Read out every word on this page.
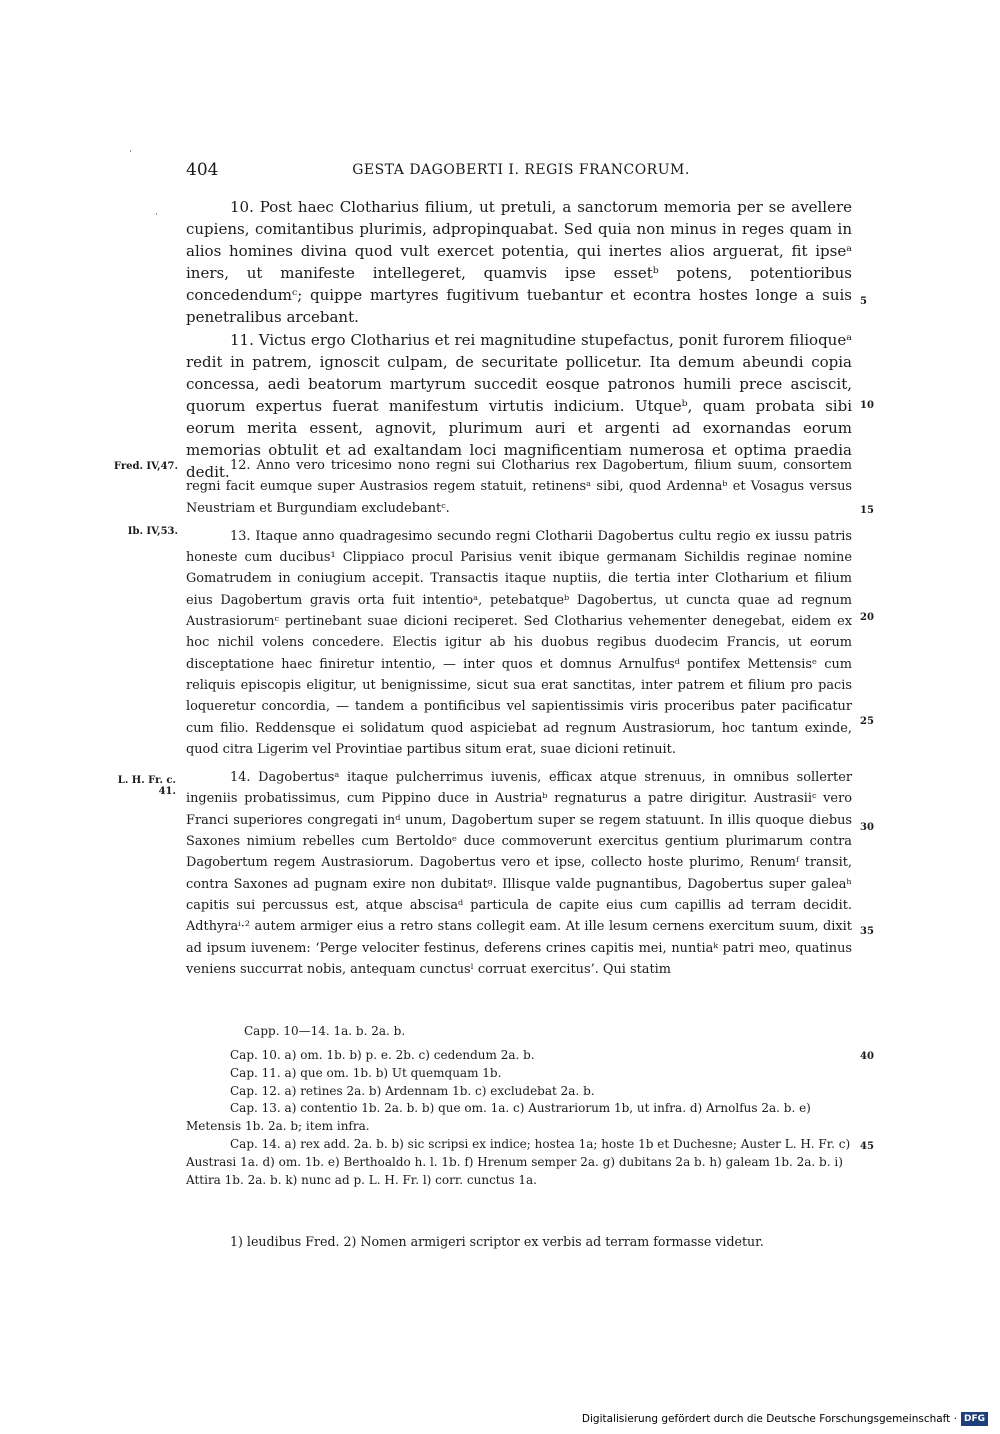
404	GESTA DAGOBERTI I. REGIS FRANCORUM.

10. Post haec Clotharius filium, ut pretuli, a sanctorum memoria per se avellere cupiens, comitantibus plurimis, adpropinquabat. Sed quia non minus in reges quam in alios homines divina quod vult exercet potentia, qui inertes alios arguerat, fit ipseᵃ iners, ut manifeste intellegeret, quamvis ipse essetᵇ potens, potentioribus concedendumᶜ; quippe martyres fugitivum tuebantur et econtra hostes longe a suis penetralibus arcebant.

11. Victus ergo Clotharius et rei magnitudine stupefactus, ponit furorem filioqueᵃ redit in patrem, ignoscit culpam, de securitate pollicetur. Ita demum abeundi copia concessa, aedi beatorum martyrum succedit eosque patronos humili prece asciscit, quorum expertus fuerat manifestum virtutis indicium. Utqueᵇ, quam probata sibi eorum merita essent, agnovit, plurimum auri et argenti ad exornandas eorum memorias obtulit et ad exaltandam loci magnificentiam numerosa et optima praedia dedit. 12. Anno vero tricesimo nono regni sui Clotharius rex Dagobertum, filium suum, consortem regni facit eumque super Austrasios regem statuit, retinensᵃ sibi, quod Ardennaᵇ et Vosagus versus Neustriam et Burgundiam excludebantᶜ.

13. Itaque anno quadragesimo secundo regni Clotharii Dagobertus cultu regio ex iussu patris honeste cum ducibus¹ Clippiaco procul Parisius venit ibique germanam Sichildis reginae nomine Gomatrudem in coniugium accepit. Transactis itaque nuptiis, die tertia inter Clotharium et filium eius Dagobertum gravis orta fuit intentioᵃ, petebatqueᵇ Dagobertus, ut cuncta quae ad regnum Austrasiorumᶜ pertinebant suae dicioni reciperet. Sed Clotharius vehementer denegebat, eidem ex hoc nichil volens concedere. Electis igitur ab his duobus regibus duodecim Francis, ut eorum disceptatione haec finiretur intentio, — inter quos et domnus Arnulfusᵈ pontifex Mettensisᵉ cum reliquis episcopis eligitur, ut benignissime, sicut sua erat sanctitas, inter patrem et filium pro pacis loqueretur concordia, — tandem a pontificibus vel sapientissimis viris proceribus pater pacificatur cum filio. Reddensque ei solidatum quod aspiciebat ad regnum Austrasiorum, hoc tantum exinde, quod citra Ligerim vel Provintiae partibus situm erat, suae dicioni retinuit.

14. Dagobertusᵃ itaque pulcherrimus iuvenis, efficax atque strenuus, in omnibus sollerter ingeniis probatissimus, cum Pippino duce in Austriaᵇ regnaturus a patre dirigitur. Austrasiiᶜ vero Franci superiores congregati inᵈ unum, Dagobertum super se regem statuunt. In illis quoque diebus Saxones nimium rebelles cum Bertoldoᵉ duce commoverunt exercitus gentium plurimarum contra Dagobertum regem Austrasiorum. Dagobertus vero et ipse, collecto hoste plurimo, Renumᶠ transit, contra Saxones ad pugnam exire non dubitatᵍ. Illisque valde pugnantibus, Dagobertus super galeaʰ capitis sui percussus est, atque abscisaᵈ particula de capite eius cum capillis ad terram decidit. Adthyraⁱ·² autem armiger eius a retro stans collegit eam. At ille lesum cernens exercitum suum, dixit ad ipsum iuvenem: ‘Perge velociter festinus, deferens crines capitis mei, nuntiaᵏ patri meo, quatinus veniens succurrat nobis, antequam cunctusˡ corruat exercitus’. Qui statim

Fred. IV,47.
Ib. IV,53.
L. H. Fr. c. 41.
5
10
15
20
25
30
35
40
45
Capp. 10—14. 1a. b. 2a. b.

Cap. 10. a) om. 1b. b) p. e. 2b. c) cedendum 2a. b.

Cap. 11. a) que om. 1b. b) Ut quemquam 1b.

Cap. 12. a) retines 2a. b) Ardennam 1b. c) excludebat 2a. b.

Cap. 13. a) contentio 1b. 2a. b. b) que om. 1a. c) Austrariorum 1b, ut infra. d) Arnolfus 2a. b. e) Metensis 1b. 2a. b; item infra.

Cap. 14. a) rex add. 2a. b. b) sic scripsi ex indice; hostea 1a; hoste 1b et Duchesne; Auster L. H. Fr. c) Austrasi 1a. d) om. 1b. e) Berthoaldo h. l. 1b. f) Hrenum semper 2a. g) dubitans 2a b. h) galeam 1b. 2a. b. i) Attira 1b. 2a. b. k) nunc ad p. L. H. Fr. l) corr. cunctus 1a.

1) leudibus Fred. 2) Nomen armigeri scriptor ex verbis ad terram formasse videtur.
Digitalisierung gefördert durch die Deutsche Forschungsgemeinschaft · DFG
